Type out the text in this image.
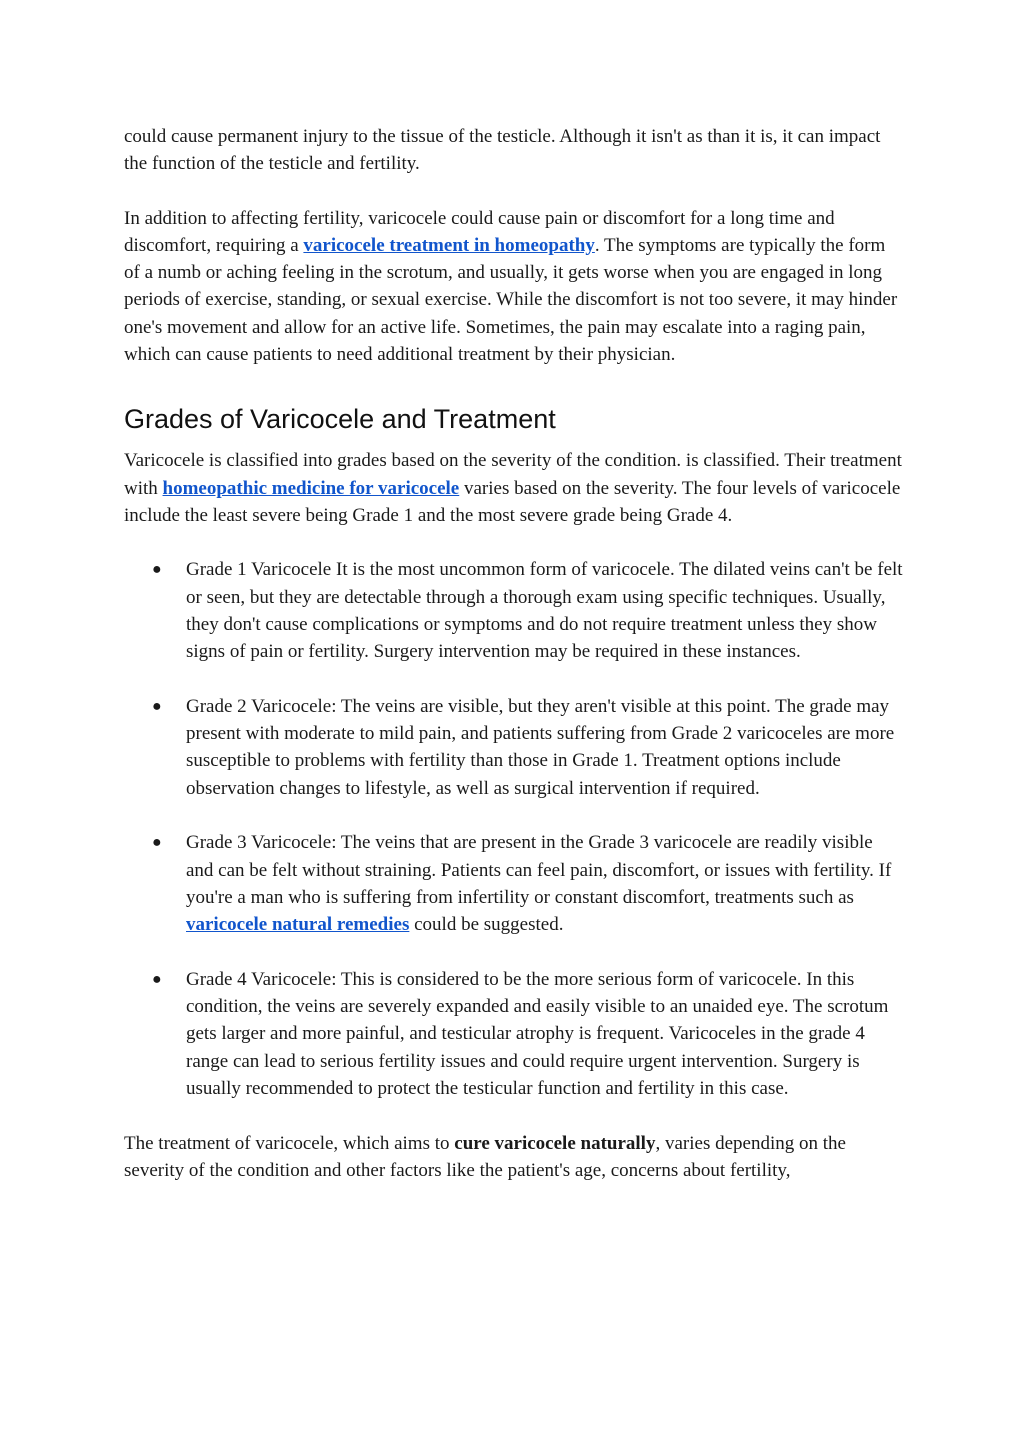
could cause permanent injury to the tissue of the testicle. Although it isn't as than it is, it can impact the function of the testicle and fertility.

In addition to affecting fertility, varicocele could cause pain or discomfort for a long time and discomfort, requiring a varicocele treatment in homeopathy. The symptoms are typically the form of a numb or aching feeling in the scrotum, and usually, it gets worse when you are engaged in long periods of exercise, standing, or sexual exercise. While the discomfort is not too severe, it may hinder one's movement and allow for an active life. Sometimes, the pain may escalate into a raging pain, which can cause patients to need additional treatment by their physician.

Grades of Varicocele and Treatment

Varicocele is classified into grades based on the severity of the condition. is classified. Their treatment with homeopathic medicine for varicocele varies based on the severity. The four levels of varicocele include the least severe being Grade 1 and the most severe grade being Grade 4.

● Grade 1 Varicocele It is the most uncommon form of varicocele. The dilated veins can't be felt or seen, but they are detectable through a thorough exam using specific techniques. Usually, they don't cause complications or symptoms and do not require treatment unless they show signs of pain or fertility. Surgery intervention may be required in these instances.
● Grade 2 Varicocele: The veins are visible, but they aren't visible at this point. The grade may present with moderate to mild pain, and patients suffering from Grade 2 varicoceles are more susceptible to problems with fertility than those in Grade 1. Treatment options include observation changes to lifestyle, as well as surgical intervention if required.
● Grade 3 Varicocele: The veins that are present in the Grade 3 varicocele are readily visible and can be felt without straining. Patients can feel pain, discomfort, or issues with fertility. If you're a man who is suffering from infertility or constant discomfort, treatments such as varicocele natural remedies could be suggested.
● Grade 4 Varicocele: This is considered to be the more serious form of varicocele. In this condition, the veins are severely expanded and easily visible to an unaided eye. The scrotum gets larger and more painful, and testicular atrophy is frequent. Varicoceles in the grade 4 range can lead to serious fertility issues and could require urgent intervention. Surgery is usually recommended to protect the testicular function and fertility in this case.

The treatment of varicocele, which aims to cure varicocele naturally, varies depending on the severity of the condition and other factors like the patient's age, concerns about fertility,
